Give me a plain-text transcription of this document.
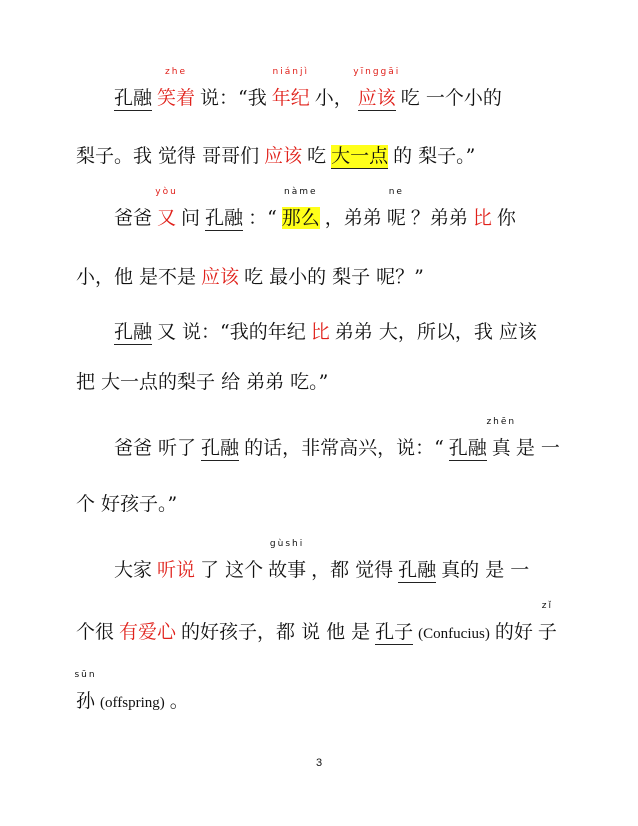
孔融 笑着
zhe
说：“我 年纪
niánjì
小， 应该
yīnggāi
吃 一个小的
梨子。我 觉得 哥哥们 应该 吃 大一点 的 梨子。”
爸爸 又
yòu
问 孔融 ：“ 那么
nàme
，弟弟 呢
ne
？弟弟 比 你
小，他 是不是 应该 吃 最小的 梨子 呢？”
孔融 又 说：“我的年纪 比 弟弟 大，所以，我 应该
把 大一点的梨子 给 弟弟 吃。”
爸爸 听了 孔融 的话，非常高兴，说：“ 孔融 真
zhēn
是 一
个 好孩子。”
大家 听说 了 这个 故事
gùshi
，都 觉得 孔融 真的 是 一
个很 有爱心 的好孩子，都 说 他 是 孔子 (Confucius) 的好 子
zǐ
孙
sūn
(offspring) 。
3
